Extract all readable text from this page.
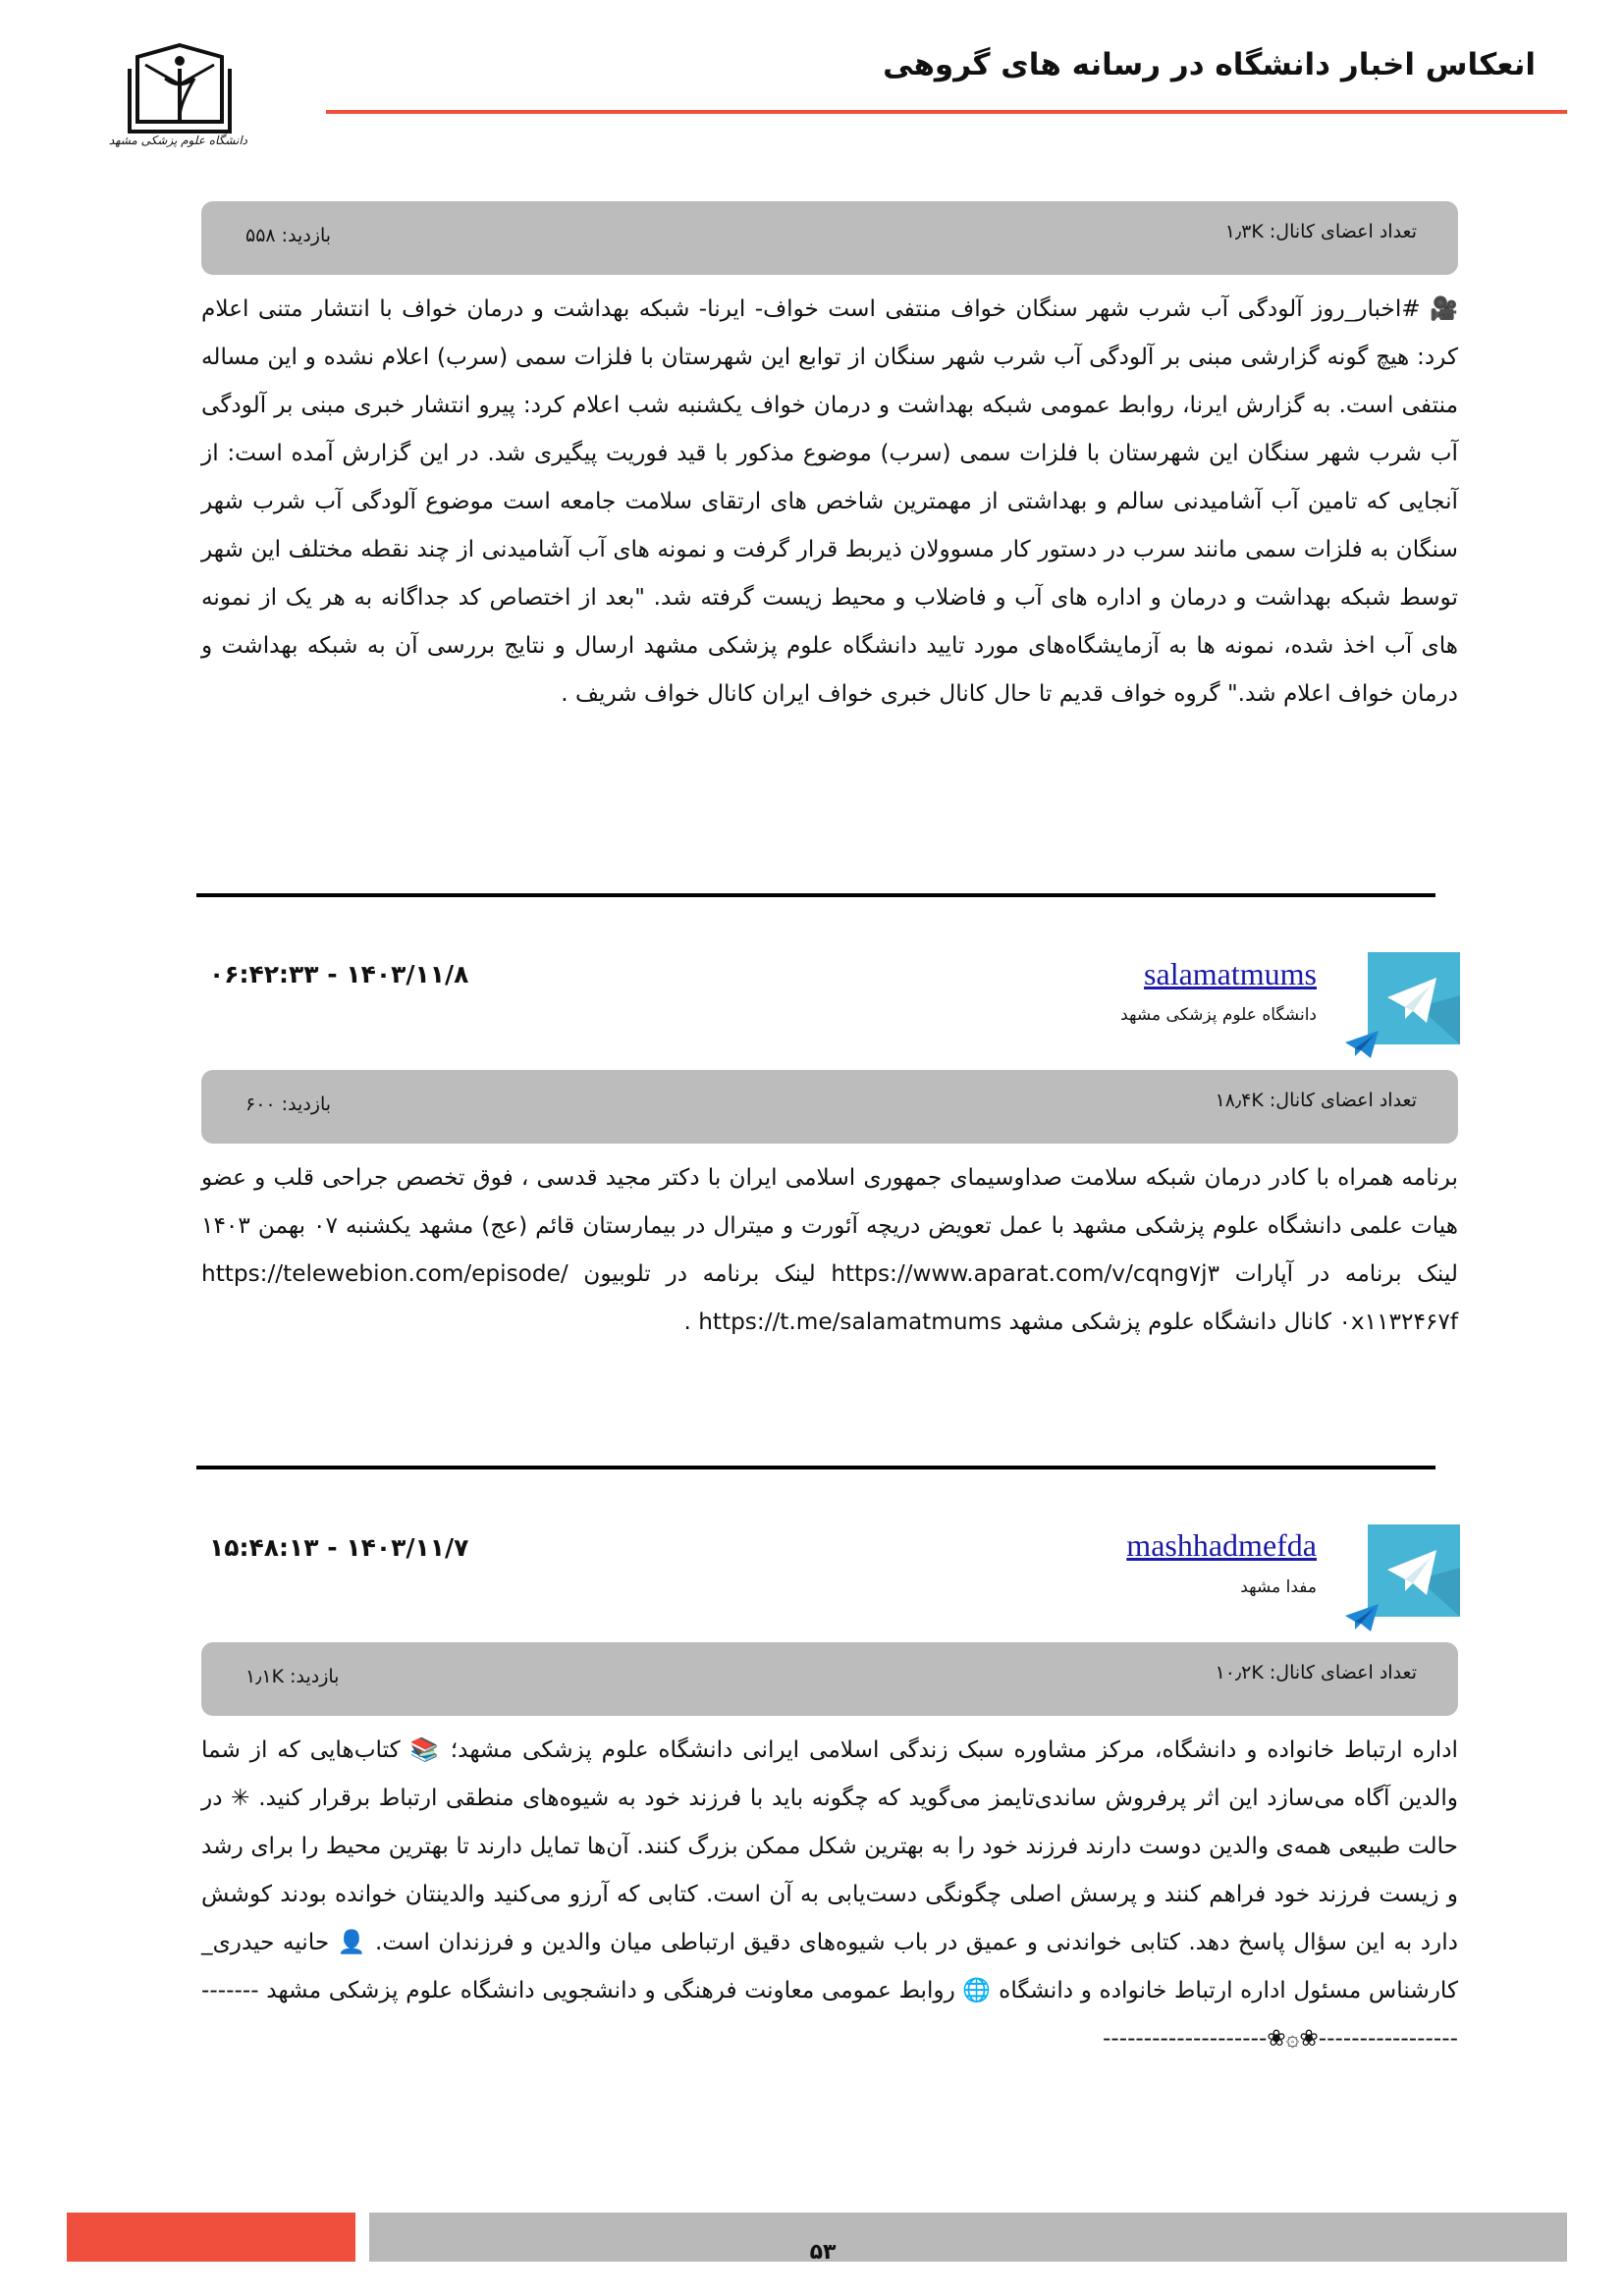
دانشگاه علوم پزشکی مشهد
انعکاس اخبار دانشگاه در رسانه های گروهی
تعداد اعضای کانال: ۱٫۳K
بازدید: ۵۵۸
🎥 #اخبار_روز آلودگی آب شرب شهر سنگان خواف منتفی است خواف- ایرنا- شبکه بهداشت و درمان خواف با انتشار متنی اعلام کرد: هیچ گونه گزارشی مبنی بر آلودگی آب شرب شهر سنگان از توابع این شهرستان با فلزات سمی (سرب) اعلام نشده و این مساله منتفی است. به گزارش ایرنا، روابط عمومی شبکه بهداشت و درمان خواف یکشنبه شب اعلام کرد: پیرو انتشار خبری مبنی بر آلودگی آب شرب شهر سنگان این شهرستان با فلزات سمی (سرب) موضوع مذکور با قید فوریت پیگیری شد. در این گزارش آمده است: از آنجایی که تامین آب آشامیدنی سالم و بهداشتی از مهمترین شاخص های ارتقای سلامت جامعه است موضوع آلودگی آب شرب شهر سنگان به فلزات سمی مانند سرب در دستور کار مسوولان ذیربط قرار گرفت و نمونه های آب آشامیدنی از چند نقطه مختلف این شهر توسط شبکه بهداشت و درمان و اداره های آب و فاضلاب و محیط زیست گرفته شد. "بعد از اختصاص کد جداگانه به هر یک از نمونه های آب اخذ شده، نمونه ها به آزمایشگاه‌های مورد تایید دانشگاه علوم پزشکی مشهد ارسال و نتایج بررسی آن به شبکه بهداشت و درمان خواف اعلام شد." گروه خواف قدیم تا حال کانال خبری خواف ایران کانال خواف شریف .
۰۶:۴۲:۳۳ - ۱۴۰۳/۱۱/۸	salamatmums
دانشگاه علوم پزشکی مشهد
تعداد اعضای کانال: ۱۸٫۴K
بازدید: ۶۰۰
برنامه همراه با کادر درمان شبکه سلامت صداوسیمای جمهوری اسلامی ایران با دکتر مجید قدسی ، فوق تخصص جراحی قلب و عضو هیات علمی دانشگاه علوم پزشکی مشهد با عمل تعویض دریچه آئورت و میترال در بیمارستان قائم (عج) مشهد یکشنبه ۰۷ بهمن ۱۴۰۳ لینک برنامه در آپارات https://www.aparat.com/v/cqng۷j۳ لینک برنامه در تلوبیون https://telewebion.com/episode/۰x۱۱۳۲۴۶۷f کانال دانشگاه علوم پزشکی مشهد https://t.me/salamatmums .
۱۵:۴۸:۱۳ - ۱۴۰۳/۱۱/۷	mashhadmefda
مفدا مشهد
تعداد اعضای کانال: ۱۰٫۲K
بازدید: ۱٫۱K
اداره ارتباط خانواده و دانشگاه، مرکز مشاوره سبک زندگی اسلامی ایرانی دانشگاه علوم پزشکی مشهد؛ 📚 کتاب‌هایی که از شما والدین آگاه می‌سازد این اثر پرفروش ساندی‌تایمز می‌گوید که چگونه باید با فرزند خود به شیوه‌های منطقی ارتباط برقرار کنید. ✳ در حالت طبیعی همه‌ی والدین دوست دارند فرزند خود را به بهترین شکل ممکن بزرگ کنند. آن‌ها تمایل دارند تا بهترین محیط را برای رشد و زیست فرزند خود فراهم کنند و پرسش اصلی چگونگی دست‌یابی به آن است. کتابی که آرزو می‌کنید والدینتان خوانده بودند کوشش دارد به این سؤال پاسخ دهد. کتابی خواندنی و عمیق در باب شیوه‌های دقیق ارتباطی میان والدین و فرزندان است. 👤 حانیه حیدری_ کارشناس مسئول اداره ارتباط خانواده و دانشگاه 🌐 روابط عمومی معاونت فرهنگی و دانشجویی دانشگاه علوم پزشکی مشهد ------------------------❀۞❀--------------------
۵۳
